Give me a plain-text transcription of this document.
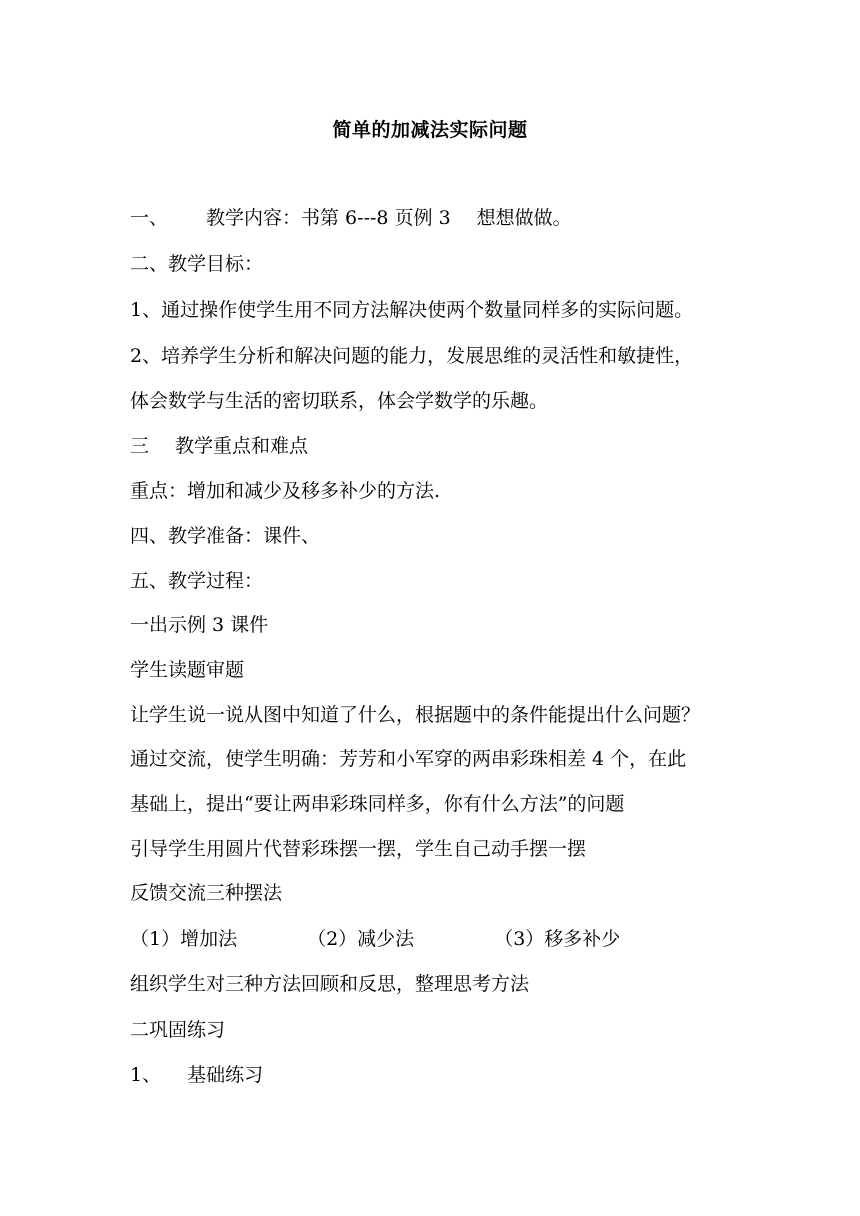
简单的加减法实际问题
一、 教学内容：书第 6---8 页例 3 想想做做。
二、教学目标：
1、通过操作使学生用不同方法解决使两个数量同样多的实际问题。
2、培养学生分析和解决问题的能力，发展思维的灵活性和敏捷性，
体会数学与生活的密切联系，体会学数学的乐趣。
三 教学重点和难点
重点：增加和减少及移多补少的方法.
四、教学准备：课件、
五、教学过程：
一出示例 3 课件
学生读题审题
让学生说一说从图中知道了什么，根据题中的条件能提出什么问题？
通过交流，使学生明确：芳芳和小军穿的两串彩珠相差 4 个，在此
基础上，提出“要让两串彩珠同样多，你有什么方法”的问题
引导学生用圆片代替彩珠摆一摆，学生自己动手摆一摆
反馈交流三种摆法
（1）增加法	（2）减少法	（3）移多补少
组织学生对三种方法回顾和反思，整理思考方法
二巩固练习
1、 基础练习
